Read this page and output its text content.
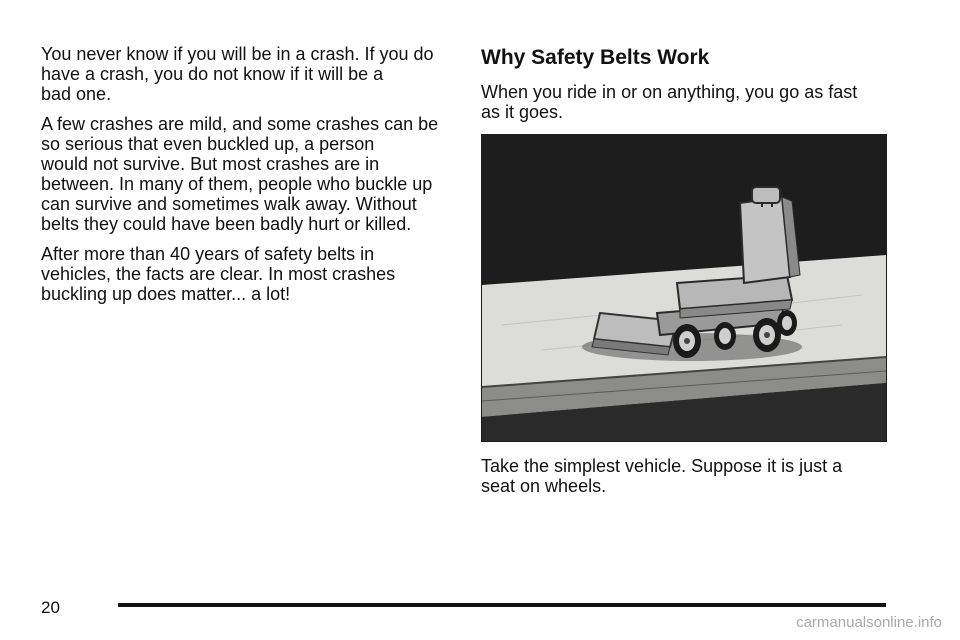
You never know if you will be in a crash. If you do
have a crash, you do not know if it will be a
bad one.

A few crashes are mild, and some crashes can be
so serious that even buckled up, a person
would not survive. But most crashes are in
between. In many of them, people who buckle up
can survive and sometimes walk away. Without
belts they could have been badly hurt or killed.

After more than 40 years of safety belts in
vehicles, the facts are clear. In most crashes
buckling up does matter... a lot!

Why Safety Belts Work

When you ride in or on anything, you go as fast
as it goes.

Take the simplest vehicle. Suppose it is just a
seat on wheels.

20
carmanualsonline.info
